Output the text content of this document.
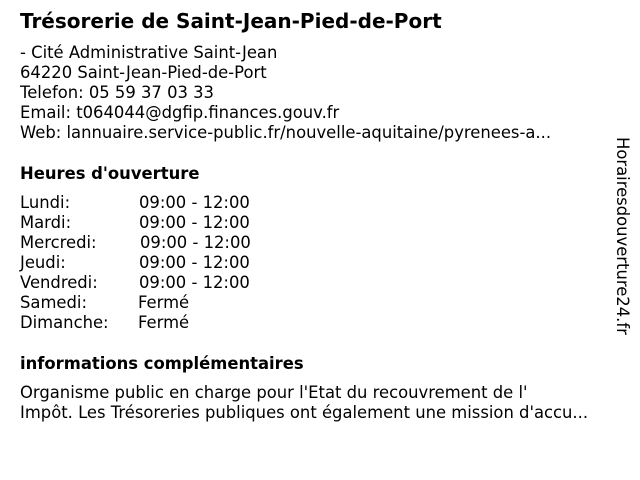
Trésorerie de Saint-Jean-Pied-de-Port
- Cité Administrative Saint-Jean
64220 Saint-Jean-Pied-de-Port
Telefon: 05 59 37 03 33
Email: t064044@dgfip.finances.gouv.fr
Web: lannuaire.service-public.fr/nouvelle-aquitaine/pyrenees-a...
Heures d'ouverture
Lundi:	09:00 - 12:00
Mardi:	09:00 - 12:00
Mercredi:	09:00 - 12:00
Jeudi:	09:00 - 12:00
Vendredi:	09:00 - 12:00
Samedi:	Fermé
Dimanche: Fermé
informations complémentaires
Organisme public en charge pour l'Etat du recouvrement de l'
Impôt. Les Trésoreries publiques ont également une mission d'accu...
Horairesdouverture24.fr
